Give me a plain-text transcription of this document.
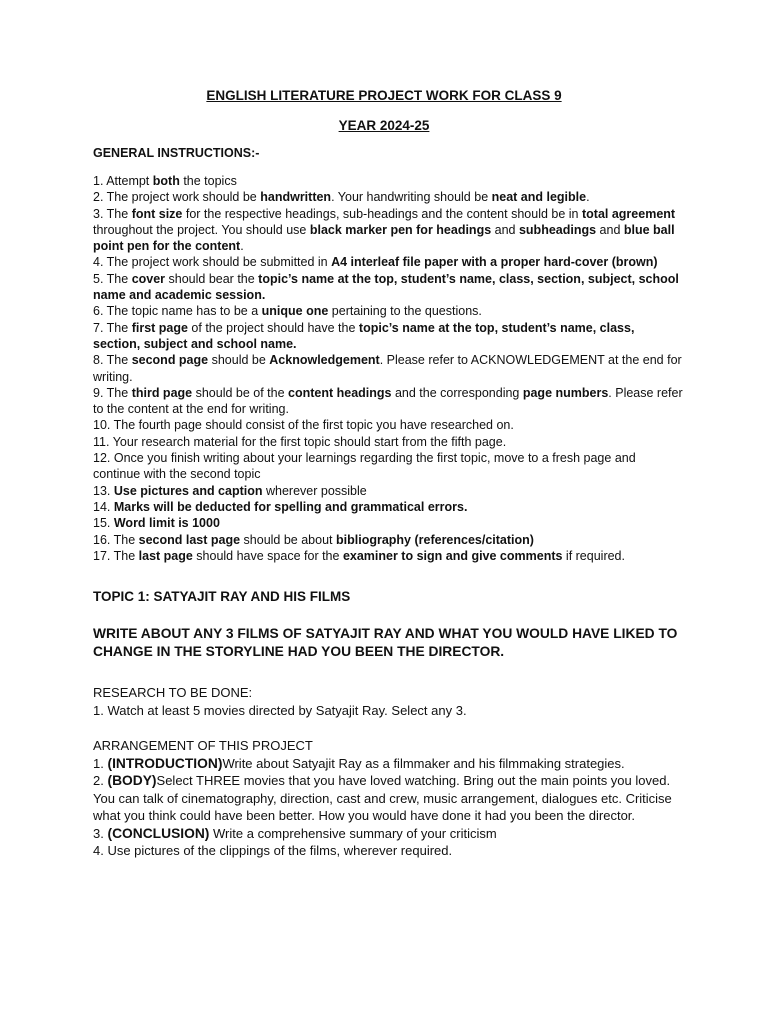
ENGLISH LITERATURE PROJECT WORK FOR CLASS 9
YEAR 2024-25
GENERAL INSTRUCTIONS:-

1. Attempt both the topics

2. The project work should be handwritten. Your handwriting should be neat and legible.

3. The font size for the respective headings, sub-headings and the content should be in total agreement throughout the project. You should use black marker pen for headings and subheadings and blue ball point pen for the content.

4. The project work should be submitted in A4 interleaf file paper with a proper hard-cover (brown)

5. The cover should bear the topic’s name at the top, student’s name, class, section, subject, school name and academic session.

6. The topic name has to be a unique one pertaining to the questions.

7. The first page of the project should have the topic’s name at the top, student’s name, class, section, subject and school name.

8. The second page should be Acknowledgement. Please refer to ACKNOWLEDGEMENT at the end for writing.

9. The third page should be of the content headings and the corresponding page numbers. Please refer to the content at the end for writing.

10. The fourth page should consist of the first topic you have researched on.

11. Your research material for the first topic should start from the fifth page.

12. Once you finish writing about your learnings regarding the first topic, move to a fresh page and continue with the second topic

13. Use pictures and caption wherever possible

14. Marks will be deducted for spelling and grammatical errors.

15. Word limit is 1000

16. The second last page should be about bibliography (references/citation)

17. The last page should have space for the examiner to sign and give comments if required.

TOPIC 1: SATYAJIT RAY AND HIS FILMS
WRITE ABOUT ANY 3 FILMS OF SATYAJIT RAY AND WHAT YOU WOULD HAVE LIKED TO CHANGE IN THE STORYLINE HAD YOU BEEN THE DIRECTOR.

RESEARCH TO BE DONE:

1. Watch at least 5 movies directed by Satyajit Ray. Select any 3.

ARRANGEMENT OF THIS PROJECT

1. (INTRODUCTION)Write about Satyajit Ray as a filmmaker and his filmmaking strategies.

2. (BODY)Select THREE movies that you have loved watching. Bring out the main points you loved. You can talk of cinematography, direction, cast and crew, music arrangement, dialogues etc. Criticise what you think could have been better. How you would have done it had you been the director.

3. (CONCLUSION) Write a comprehensive summary of your criticism

4. Use pictures of the clippings of the films, wherever required.
